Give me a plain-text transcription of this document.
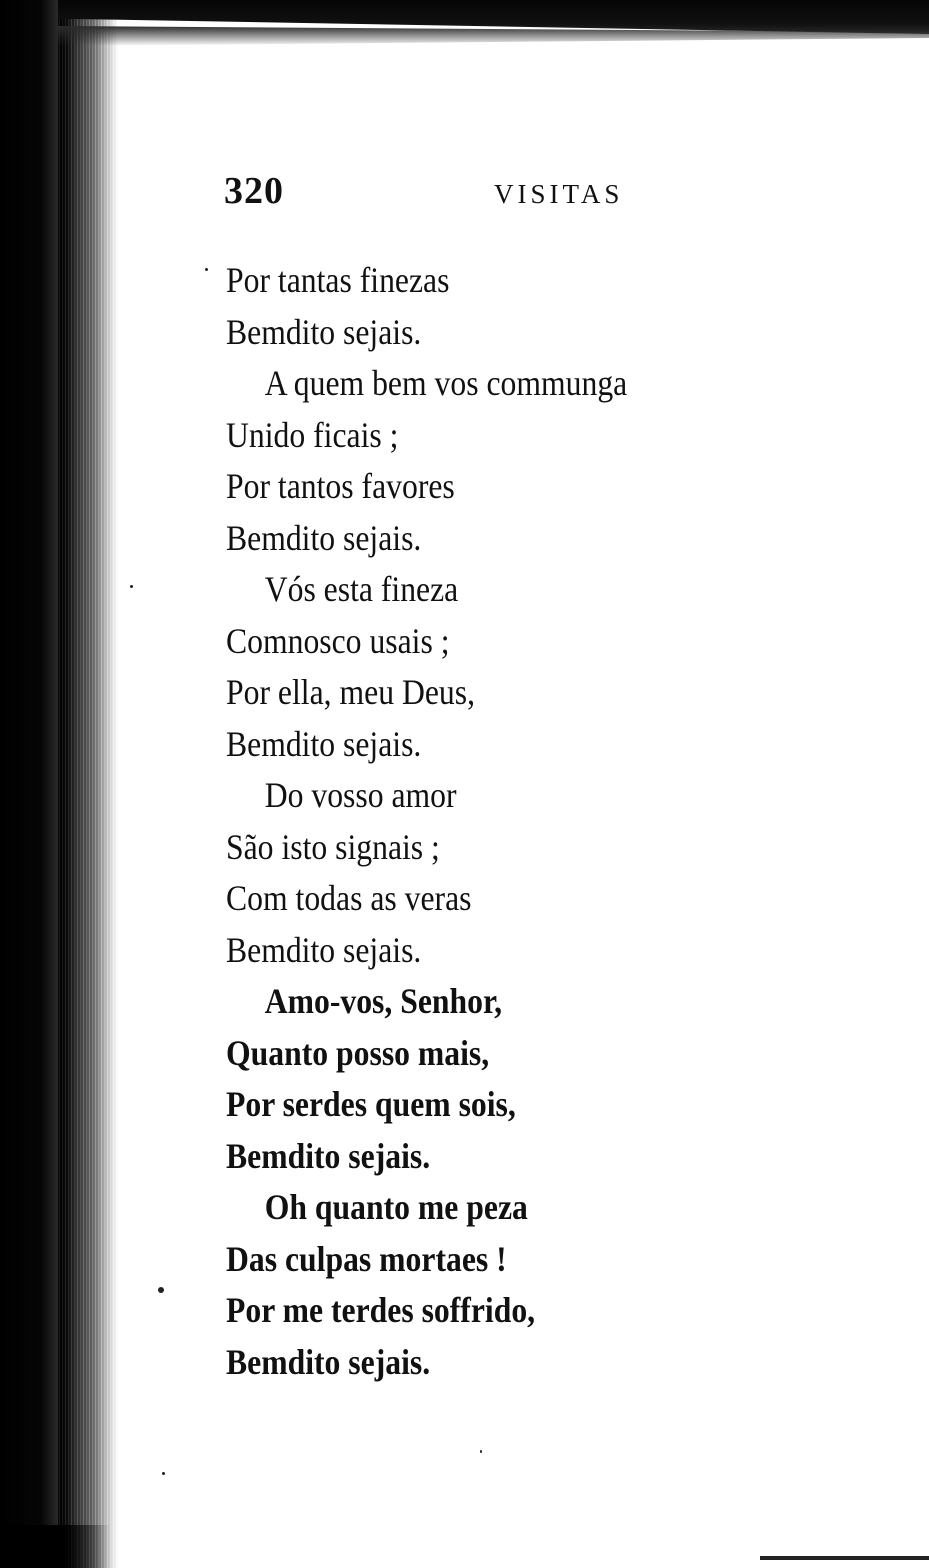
320	VISITAS
Por tantas finezas
Bemdito sejais.
A quem bem vos communga
Unido ficais ;
Por tantos favores
Bemdito sejais.
Vós esta fineza
Comnosco usais ;
Por ella, meu Deus,
Bemdito sejais.
Do vosso amor
São isto signais ;
Com todas as veras
Bemdito sejais.
Amo-vos, Senhor,
Quanto posso mais,
Por serdes quem sois,
Bemdito sejais.
Oh quanto me peza
Das culpas mortaes !
Por me terdes soffrido,
Bemdito sejais.
